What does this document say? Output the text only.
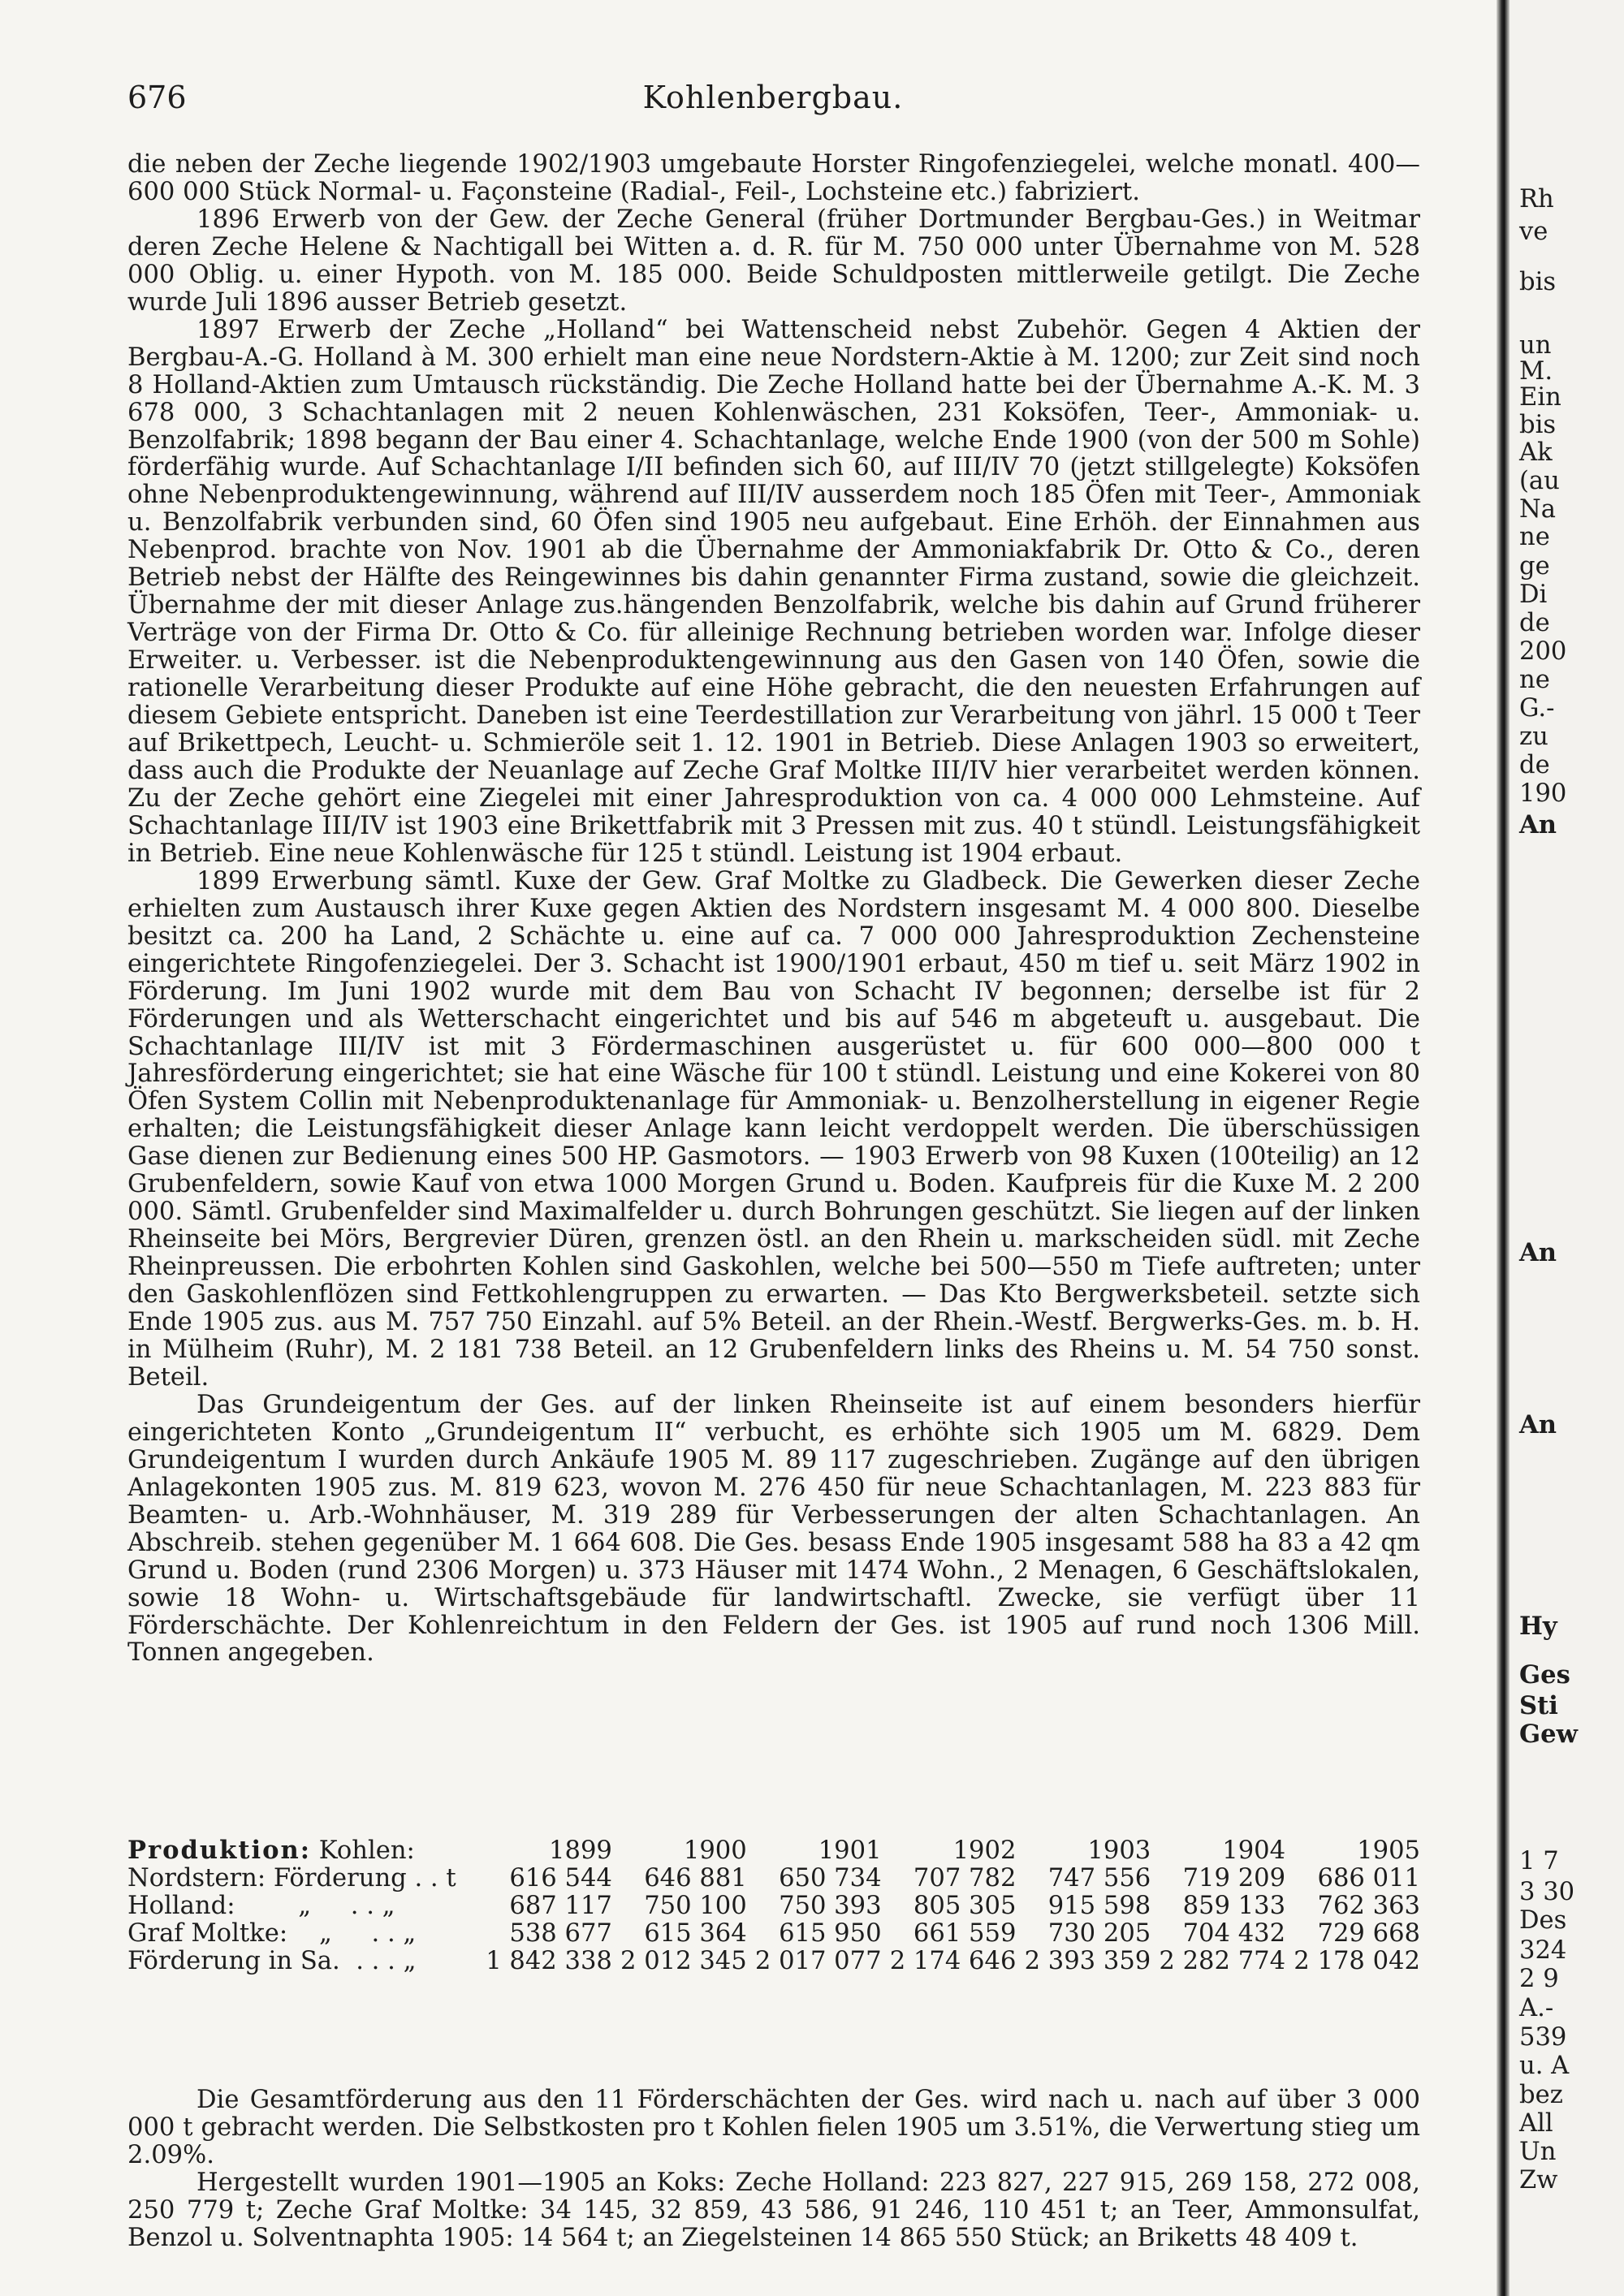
676	Kohlenbergbau.

die neben der Zeche liegende 1902/1903 umgebaute Horster Ringofenziegelei, welche monatl. 400—600 000 Stück Normal- u. Façonsteine (Radial-, Feil-, Lochsteine etc.) fabriziert.

1896 Erwerb von der Gew. der Zeche General (früher Dortmunder Bergbau-Ges.) in Weitmar deren Zeche Helene & Nachtigall bei Witten a. d. R. für M. 750 000 unter Übernahme von M. 528 000 Oblig. u. einer Hypoth. von M. 185 000. Beide Schuldposten mittlerweile getilgt. Die Zeche wurde Juli 1896 ausser Betrieb gesetzt.

1897 Erwerb der Zeche „Holland“ bei Wattenscheid nebst Zubehör. Gegen 4 Aktien der Bergbau-A.-G. Holland à M. 300 erhielt man eine neue Nordstern-Aktie à M. 1200; zur Zeit sind noch 8 Holland-Aktien zum Umtausch rückständig. Die Zeche Holland hatte bei der Übernahme A.-K. M. 3 678 000, 3 Schachtanlagen mit 2 neuen Kohlenwäschen, 231 Koksöfen, Teer-, Ammoniak- u. Benzolfabrik; 1898 begann der Bau einer 4. Schachtanlage, welche Ende 1900 (von der 500 m Sohle) förderfähig wurde. Auf Schachtanlage I/II befinden sich 60, auf III/IV 70 (jetzt stillgelegte) Koksöfen ohne Nebenproduktengewinnung, während auf III/IV ausserdem noch 185 Öfen mit Teer-, Ammoniak u. Benzolfabrik verbunden sind, 60 Öfen sind 1905 neu aufgebaut. Eine Erhöh. der Einnahmen aus Nebenprod. brachte von Nov. 1901 ab die Übernahme der Ammoniakfabrik Dr. Otto & Co., deren Betrieb nebst der Hälfte des Reingewinnes bis dahin genannter Firma zustand, sowie die gleichzeit. Übernahme der mit dieser Anlage zus.hängenden Benzolfabrik, welche bis dahin auf Grund früherer Verträge von der Firma Dr. Otto & Co. für alleinige Rechnung betrieben worden war. Infolge dieser Erweiter. u. Verbesser. ist die Nebenproduktengewinnung aus den Gasen von 140 Öfen, sowie die rationelle Verarbeitung dieser Produkte auf eine Höhe gebracht, die den neuesten Erfahrungen auf diesem Gebiete entspricht. Daneben ist eine Teerdestillation zur Verarbeitung von jährl. 15 000 t Teer auf Brikettpech, Leucht- u. Schmieröle seit 1. 12. 1901 in Betrieb. Diese Anlagen 1903 so erweitert, dass auch die Produkte der Neuanlage auf Zeche Graf Moltke III/IV hier verarbeitet werden können. Zu der Zeche gehört eine Ziegelei mit einer Jahresproduktion von ca. 4 000 000 Lehmsteine. Auf Schachtanlage III/IV ist 1903 eine Brikettfabrik mit 3 Pressen mit zus. 40 t stündl. Leistungsfähigkeit in Betrieb. Eine neue Kohlenwäsche für 125 t stündl. Leistung ist 1904 erbaut.

1899 Erwerbung sämtl. Kuxe der Gew. Graf Moltke zu Gladbeck. Die Gewerken dieser Zeche erhielten zum Austausch ihrer Kuxe gegen Aktien des Nordstern insgesamt M. 4 000 800. Dieselbe besitzt ca. 200 ha Land, 2 Schächte u. eine auf ca. 7 000 000 Jahresproduktion Zechensteine eingerichtete Ringofenziegelei. Der 3. Schacht ist 1900/1901 erbaut, 450 m tief u. seit März 1902 in Förderung. Im Juni 1902 wurde mit dem Bau von Schacht IV begonnen; derselbe ist für 2 Förderungen und als Wetterschacht eingerichtet und bis auf 546 m abgeteuft u. ausgebaut. Die Schachtanlage III/IV ist mit 3 Fördermaschinen ausgerüstet u. für 600 000—800 000 t Jahresförderung eingerichtet; sie hat eine Wäsche für 100 t stündl. Leistung und eine Kokerei von 80 Öfen System Collin mit Nebenproduktenanlage für Ammoniak- u. Benzolherstellung in eigener Regie erhalten; die Leistungsfähigkeit dieser Anlage kann leicht verdoppelt werden. Die überschüssigen Gase dienen zur Bedienung eines 500 HP. Gasmotors. — 1903 Erwerb von 98 Kuxen (100teilig) an 12 Grubenfeldern, sowie Kauf von etwa 1000 Morgen Grund u. Boden. Kaufpreis für die Kuxe M. 2 200 000. Sämtl. Grubenfelder sind Maximalfelder u. durch Bohrungen geschützt. Sie liegen auf der linken Rheinseite bei Mörs, Bergrevier Düren, grenzen östl. an den Rhein u. markscheiden südl. mit Zeche Rheinpreussen. Die erbohrten Kohlen sind Gaskohlen, welche bei 500—550 m Tiefe auftreten; unter den Gaskohlenflözen sind Fettkohlengruppen zu erwarten. — Das Kto Bergwerksbeteil. setzte sich Ende 1905 zus. aus M. 757 750 Einzahl. auf 5% Beteil. an der Rhein.-Westf. Bergwerks-Ges. m. b. H. in Mülheim (Ruhr), M. 2 181 738 Beteil. an 12 Grubenfeldern links des Rheins u. M. 54 750 sonst. Beteil.

Das Grundeigentum der Ges. auf der linken Rheinseite ist auf einem besonders hierfür eingerichteten Konto „Grundeigentum II“ verbucht, es erhöhte sich 1905 um M. 6829. Dem Grundeigentum I wurden durch Ankäufe 1905 M. 89 117 zugeschrieben. Zugänge auf den übrigen Anlagekonten 1905 zus. M. 819 623, wovon M. 276 450 für neue Schachtanlagen, M. 223 883 für Beamten- u. Arb.-Wohnhäuser, M. 319 289 für Verbesserungen der alten Schachtanlagen. An Abschreib. stehen gegenüber M. 1 664 608. Die Ges. besass Ende 1905 insgesamt 588 ha 83 a 42 qm Grund u. Boden (rund 2306 Morgen) u. 373 Häuser mit 1474 Wohn., 2 Menagen, 6 Geschäftslokalen, sowie 18 Wohn- u. Wirtschaftsgebäude für landwirtschaftl. Zwecke, sie verfügt über 11 Förderschächte. Der Kohlenreichtum in den Feldern der Ges. ist 1905 auf rund noch 1306 Mill. Tonnen angegeben.

Produktion: Kohlen:	1899	1900	1901	1902	1903	1904	1905
Nordstern: Förderung . . t	616 544	646 881	650 734	707 782	747 556	719 209	686 011
Holland:        „     . . „	687 117	750 100	750 393	805 305	915 598	859 133	762 363
Graf Moltke:    „     . . „	538 677	615 364	615 950	661 559	730 205	704 432	729 668
Förderung in Sa.  . . . „	1 842 338	2 012 345	2 017 077	2 174 646	2 393 359	2 282 774	2 178 042

Die Gesamtförderung aus den 11 Förderschächten der Ges. wird nach u. nach auf über 3 000 000 t gebracht werden. Die Selbstkosten pro t Kohlen fielen 1905 um 3.51%, die Verwertung stieg um 2.09%.

Hergestellt wurden 1901—1905 an Koks: Zeche Holland: 223 827, 227 915, 269 158, 272 008, 250 779 t; Zeche Graf Moltke: 34 145, 32 859, 43 586, 91 246, 110 451 t; an Teer, Ammonsulfat, Benzol u. Solventnaphta 1905: 14 564 t; an Ziegelsteinen 14 865 550 Stück; an Briketts 48 409 t.

Rh
ve
bis
un
M.
Ein
bis
Ak
(au
Na
ne
ge
Di
de
200
ne
G.-
zu
de
190
An
An
An
Hy
Ges
Sti
Gew
1 7
3 30
Des
324
2 9
A.-
539
u. A
bez
All
Un
Zw
